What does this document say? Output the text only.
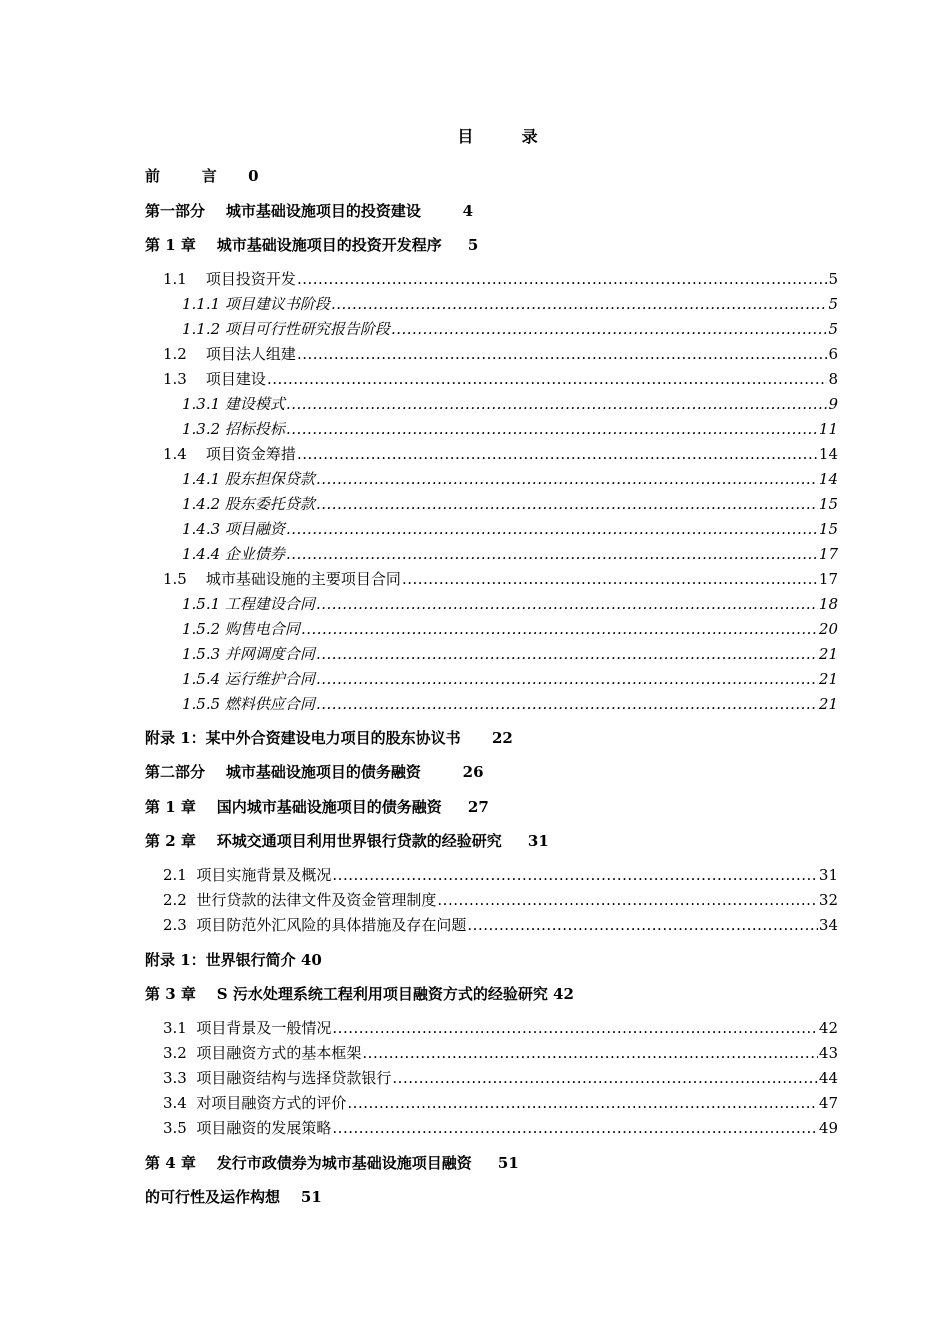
目	录
前        言      0
第一部分    城市基础设施项目的投资建设        4
第 1 章    城市基础设施项目的投资开发程序     5
1.1    项目投资开发 .....	5
1.1.1 项目建议书阶段 .....	5
1.1.2 项目可行性研究报告阶段 .....	5
1.2    项目法人组建 .....	6
1.3    项目建设 .....	8
1.3.1 建设模式 .....	9
1.3.2 招标投标 .....	11
1.4    项目资金筹措 .....	14
1.4.1 股东担保贷款 .....	14
1.4.2 股东委托贷款 .....	15
1.4.3 项目融资 .....	15
1.4.4 企业债券 .....	17
1.5    城市基础设施的主要项目合同 .....	17
1.5.1 工程建设合同 .....	18
1.5.2 购售电合同 .....	20
1.5.3 并网调度合同 .....	21
1.5.4 运行维护合同 .....	21
1.5.5 燃料供应合同 .....	21
附录 1：某中外合资建设电力项目的股东协议书      22
第二部分    城市基础设施项目的债务融资        26
第 1 章    国内城市基础设施项目的债务融资     27
第 2 章    环城交通项目利用世界银行贷款的经验研究     31
2.1  项目实施背景及概况 .....	31
2.2  世行贷款的法律文件及资金管理制度 .....	32
2.3  项目防范外汇风险的具体措施及存在问题 .....	34
附录 1：世界银行简介 40
第 3 章    S 污水处理系统工程利用项目融资方式的经验研究 42
3.1  项目背景及一般情况 .....	42
3.2  项目融资方式的基本框架 .....	43
3.3  项目融资结构与选择贷款银行 .....	44
3.4  对项目融资方式的评价 .....	47
3.5  项目融资的发展策略 .....	49
第 4 章    发行市政债券为城市基础设施项目融资     51
的可行性及运作构想    51
